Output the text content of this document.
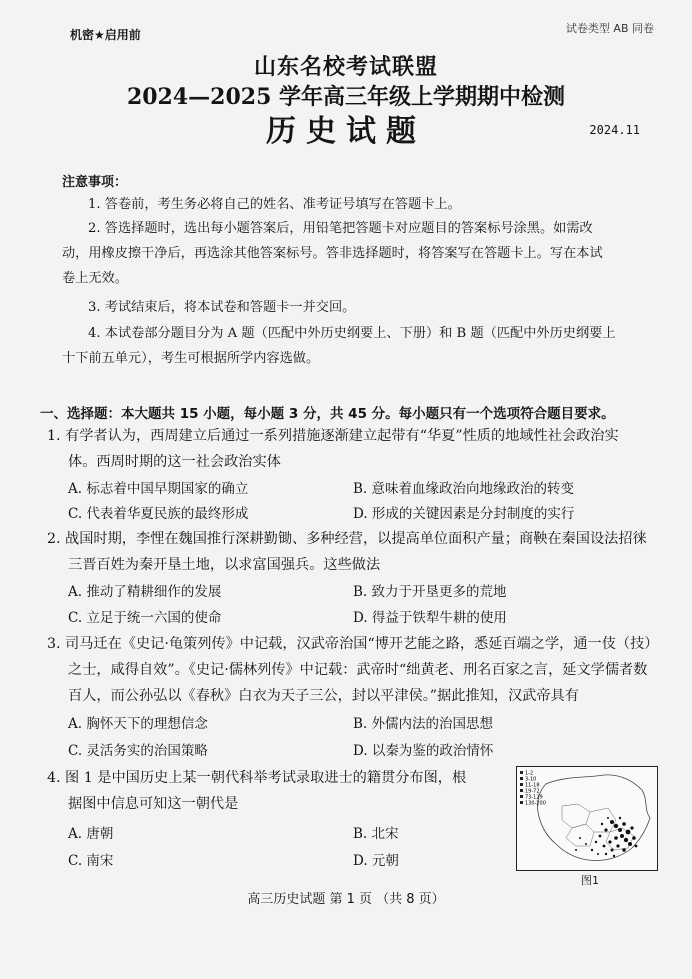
机密★启用前	试卷类型 AB 同卷
山东名校考试联盟
2024—2025 学年高三年级上学期期中检测
历史试题	2024.11
注意事项：
1. 答卷前，考生务必将自己的姓名、准考证号填写在答题卡上。
2. 答选择题时，选出每小题答案后，用铅笔把答题卡对应题目的答案标号涂黑。如需改
动，用橡皮擦干净后，再选涂其他答案标号。答非选择题时，将答案写在答题卡上。写在本试
卷上无效。
3. 考试结束后，将本试卷和答题卡一并交回。
4. 本试卷部分题目分为 A 题（匹配中外历史纲要上、下册）和 B 题（匹配中外历史纲要上
十下前五单元），考生可根据所学内容选做。
一、选择题：本大题共 15 小题，每小题 3 分，共 45 分。每小题只有一个选项符合题目要求。
1. 有学者认为，西周建立后通过一系列措施逐渐建立起带有“华夏”性质的地域性社会政治实
体。西周时期的这一社会政治实体
A. 标志着中国早期国家的确立	B. 意味着血缘政治向地缘政治的转变
C. 代表着华夏民族的最终形成	D. 形成的关键因素是分封制度的实行
2. 战国时期，李悝在魏国推行深耕勤锄、多种经营，以提高单位面积产量；商鞅在秦国设法招徕
三晋百姓为秦开垦土地，以求富国强兵。这些做法
A. 推动了精耕细作的发展	B. 致力于开垦更多的荒地
C. 立足于统一六国的使命	D. 得益于铁犁牛耕的使用
3. 司马迁在《史记·龟策列传》中记载，汉武帝治国“博开艺能之路，悉延百端之学，通一伎（技）
之士，咸得自效”。《史记·儒林列传》中记载：武帝时“绌黄老、刑名百家之言，延文学儒者数
百人，而公孙弘以《春秋》白衣为天子三公，封以平津侯。”据此推知，汉武帝具有
A. 胸怀天下的理想信念	B. 外儒内法的治国思想
C. 灵活务实的治国策略	D. 以秦为鉴的政治情怀
4. 图 1 是中国历史上某一朝代科举考试录取进士的籍贯分布图，根
据图中信息可知这一朝代是
A. 唐朝	B. 北宋
C. 南宋	D. 元朝
1-2
3-10
11-18
19-72
73-129
130-200
图1
高三历史试题 第 1 页 （共 8 页）
